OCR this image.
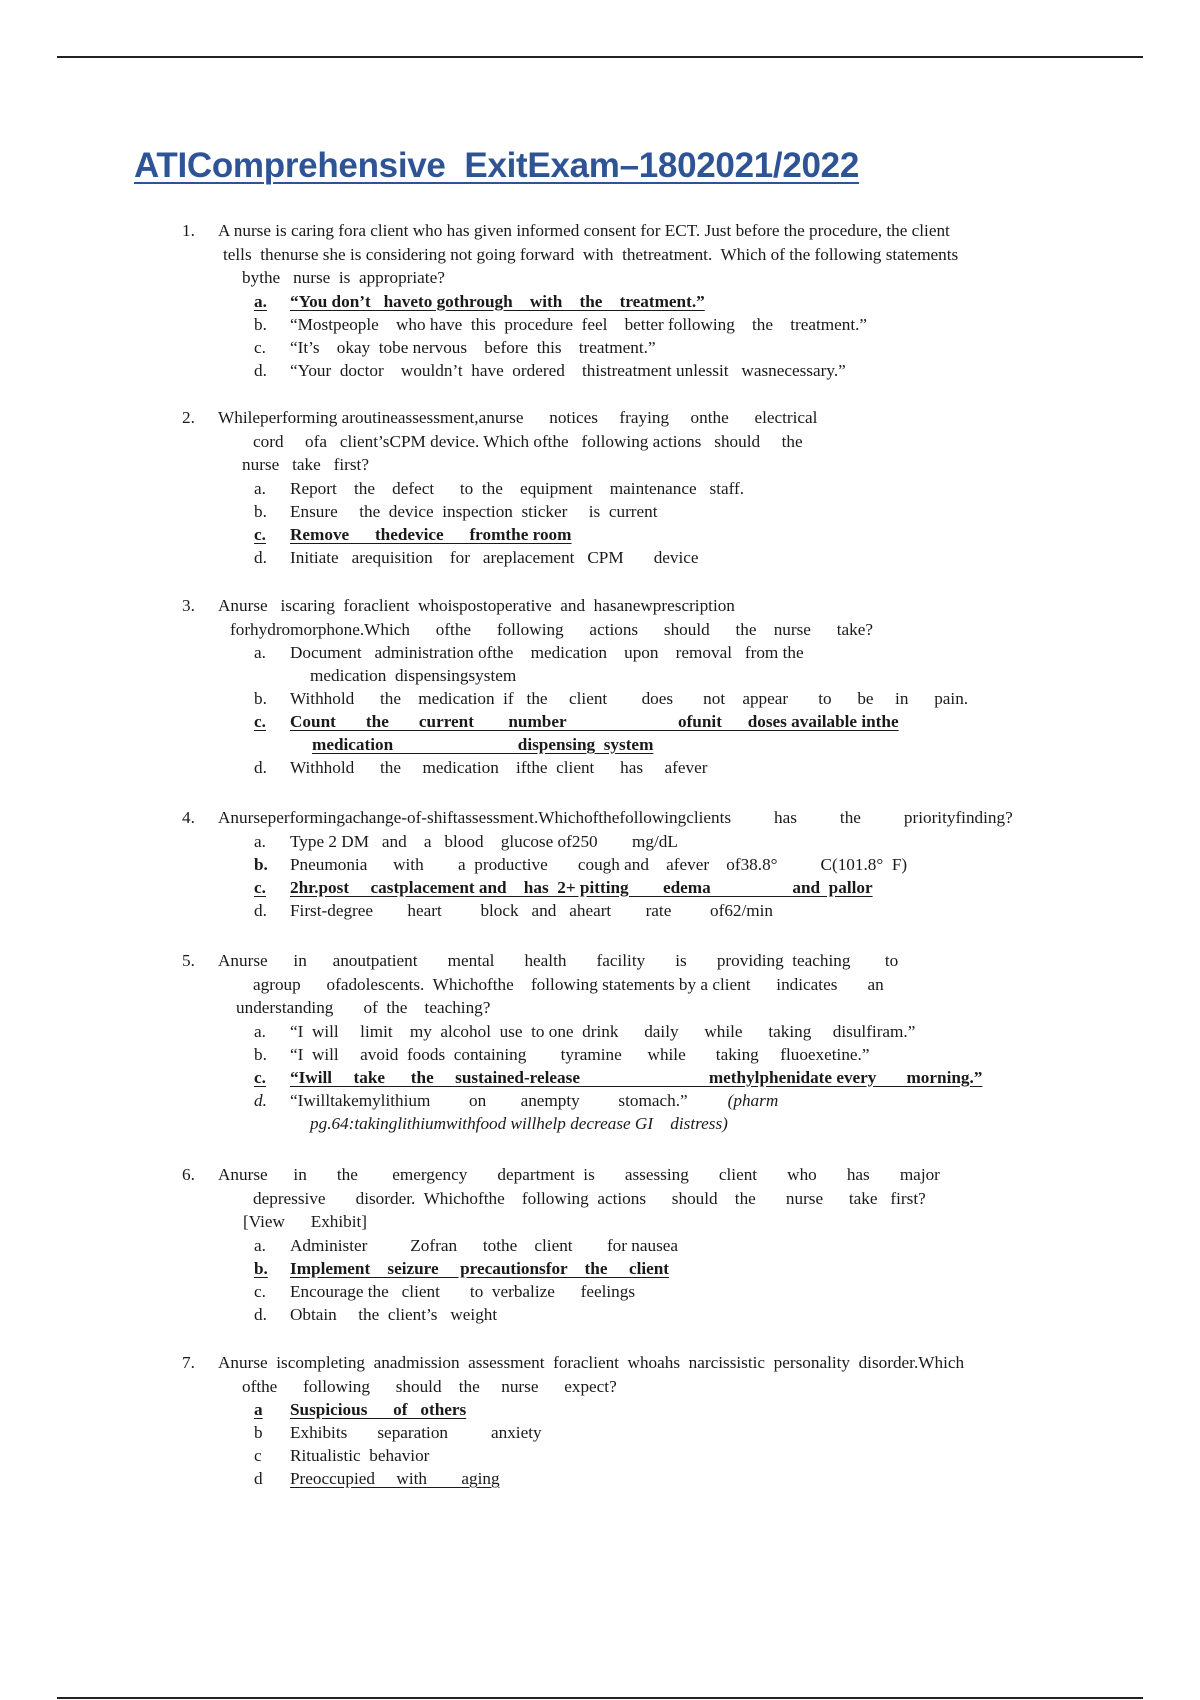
ATIComprehensive  ExitExam–1802021/2022
1. A nurse is caring fora client who has given informed consent for ECT. Just before the procedure, the client
tells  thenurse she is considering not going forward  with  thetreatment.  Which of the following statements
bythe   nurse  is  appropriate?
a. “You don’t   haveto gothrough    with    the    treatment.”
b. “Mostpeople    who have  this  procedure  feel    better following    the    treatment.”
c. “It’s    okay  tobe nervous    before  this    treatment.”
d. “Your  doctor    wouldn’t  have  ordered    thistreatment unlessit   wasnecessary.”
2. Whileperforming aroutineassessment,anurse      notices     fraying     onthe      electrical
cord     ofa   client’sCPM device. Which ofthe   following actions   should     the
nurse   take   first?
a. Report    the    defect      to  the    equipment    maintenance   staff.
b. Ensure     the  device  inspection  sticker     is  current
c. Remove      thedevice      fromthe room
d. Initiate   arequisition    for   areplacement   CPM       device
3. Anurse   iscaring  foraclient  whoispostoperative  and  hasanewprescription
forhydromorphone.Which      ofthe      following      actions      should      the    nurse      take?
a. Document   administration ofthe    medication    upon    removal   from the
medication  dispensingsystem
b. Withhold      the    medication  if   the     client        does       not    appear       to      be     in      pain.
c. Count       the       current        number                          ofunit      doses available inthe
medication                             dispensing  system
d. Withhold      the     medication    ifthe  client      has     afever
4. Anurseperformingachange-of-shiftassessment.Whichofthefollowingclients          has          the          priorityfinding?
a. Type 2 DM   and    a   blood    glucose of250        mg/dL
b. Pneumonia      with        a  productive       cough and    afever    of38.8°          C(101.8°  F)
c. 2hr.post     castplacement and    has  2+ pitting        edema                   and  pallor
d. First-degree        heart         block   and   aheart        rate         of62/min
5. Anurse      in      anoutpatient       mental       health       facility       is       providing  teaching        to
agroup      ofadolescents.  Whichofthe    following statements by a client      indicates       an
understanding       of  the    teaching?
a. “I  will     limit    my  alcohol  use  to one  drink      daily      while      taking     disulfiram.”
b. “I  will     avoid  foods  containing        tyramine      while       taking     fluoexetine.”
c. “Iwill     take      the     sustained-release                              methylphenidate every       morning.”
d. “Iwilltakemylithium         on        anempty         stomach.” (pharm
pg.64:takinglithiumwithfood willhelp decrease GI    distress)
6. Anurse      in       the        emergency       department  is       assessing       client       who       has       major
depressive       disorder.  Whichofthe    following  actions      should    the       nurse      take   first?
[View      Exhibit]
a. Administer          Zofran      tothe    client        for nausea
b. Implement    seizure     precautionsfor    the     client
c. Encourage the   client       to  verbalize      feelings
d. Obtain     the  client’s   weight
7. Anurse  iscompleting  anadmission  assessment  foraclient  whoahs  narcissistic  personality  disorder.Which
ofthe      following      should    the     nurse      expect?
a Suspicious      of   others
b Exhibits       separation          anxiety
c Ritualistic  behavior
d Preoccupied     with        aging
